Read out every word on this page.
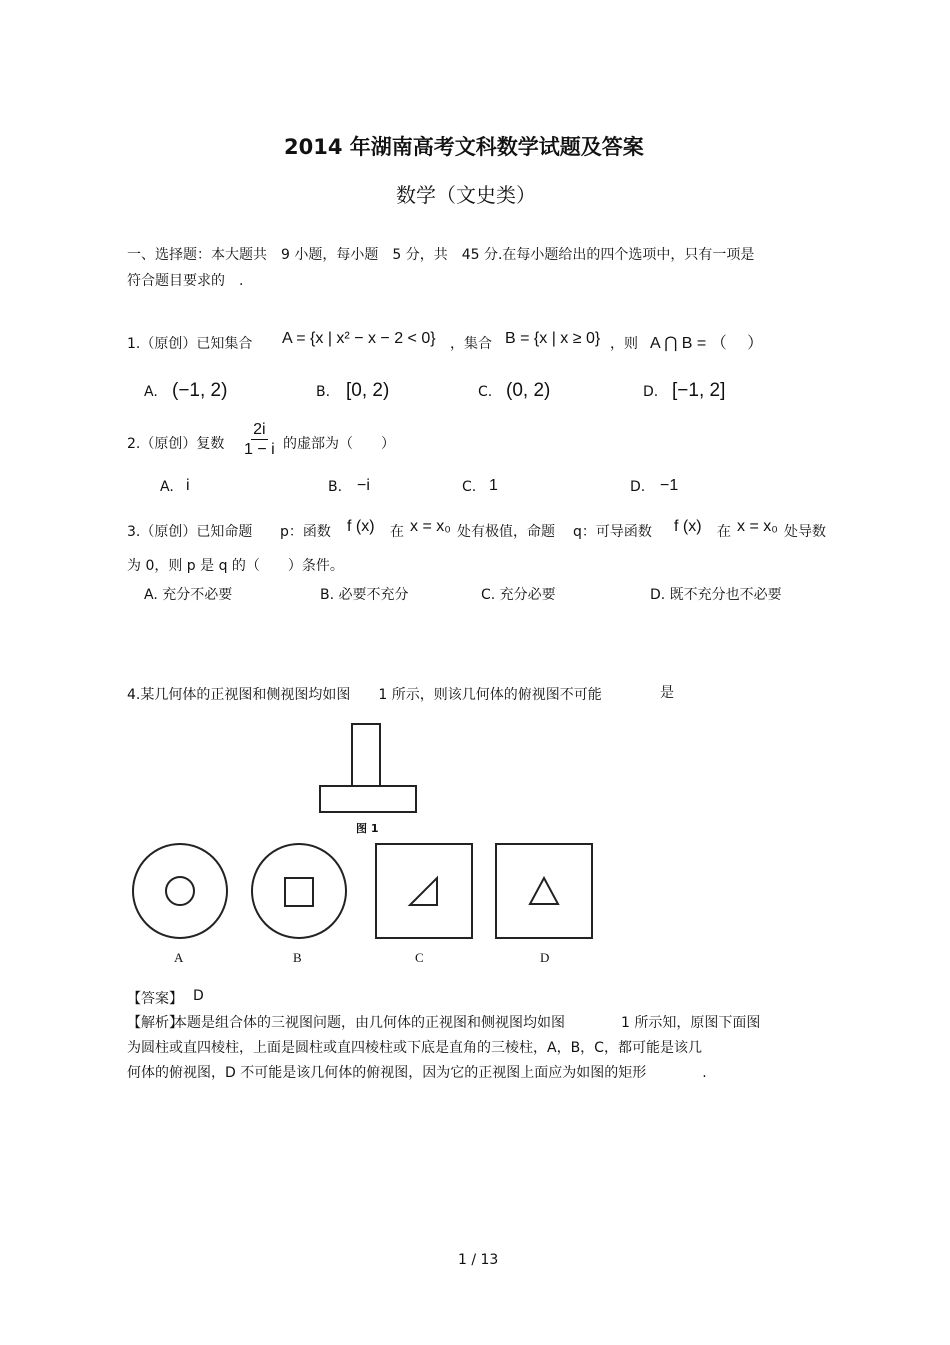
2014 年湖南高考文科数学试题及答案
数学（文史类）
一、选择题：本大题共　9 小题，每小题　5 分，共　45 分.在每小题给出的四个选项中，只有一项是
符合题目要求的　.
1.（原创）已知集合 A = {x | x² − x − 2 < 0} ，集合 B = {x | x ≥ 0} ，则 A ⋂ B = （　 ）
A. (−1, 2)	B. [0, 2)	C. (0, 2)	D. [−1, 2]
2.（原创）复数 $\frac{2i}{1 - i}$ 的虚部为（　　）
A. i	B. −i	C. 1	D. −1
3.（原创）已知命题 p：函数 f (x) 在 x = x₀ 处有极值，命题 q：可导函数 f (x) 在 x = x₀ 处导数
为 0，则 p 是 q 的（　　）条件。
A. 充分不必要	B. 必要不充分	C. 充分必要	D. 既不充分也不必要
4.某几何体的正视图和侧视图均如图　　1 所示，则该几何体的俯视图不可能	是
图 1
A	B	C	D
【答案】 D
【解析】
本题是组合体的三视图问题，由几何体的正视图和侧视图均如图　　　　1 所示知，原图下面图
为圆柱或直四棱柱，上面是圆柱或直四棱柱或下底是直角的三棱柱，A，B，C，都可能是该几
何体的俯视图，D 不可能是该几何体的俯视图，因为它的正视图上面应为如图的矩形　　　　.
1 / 13
